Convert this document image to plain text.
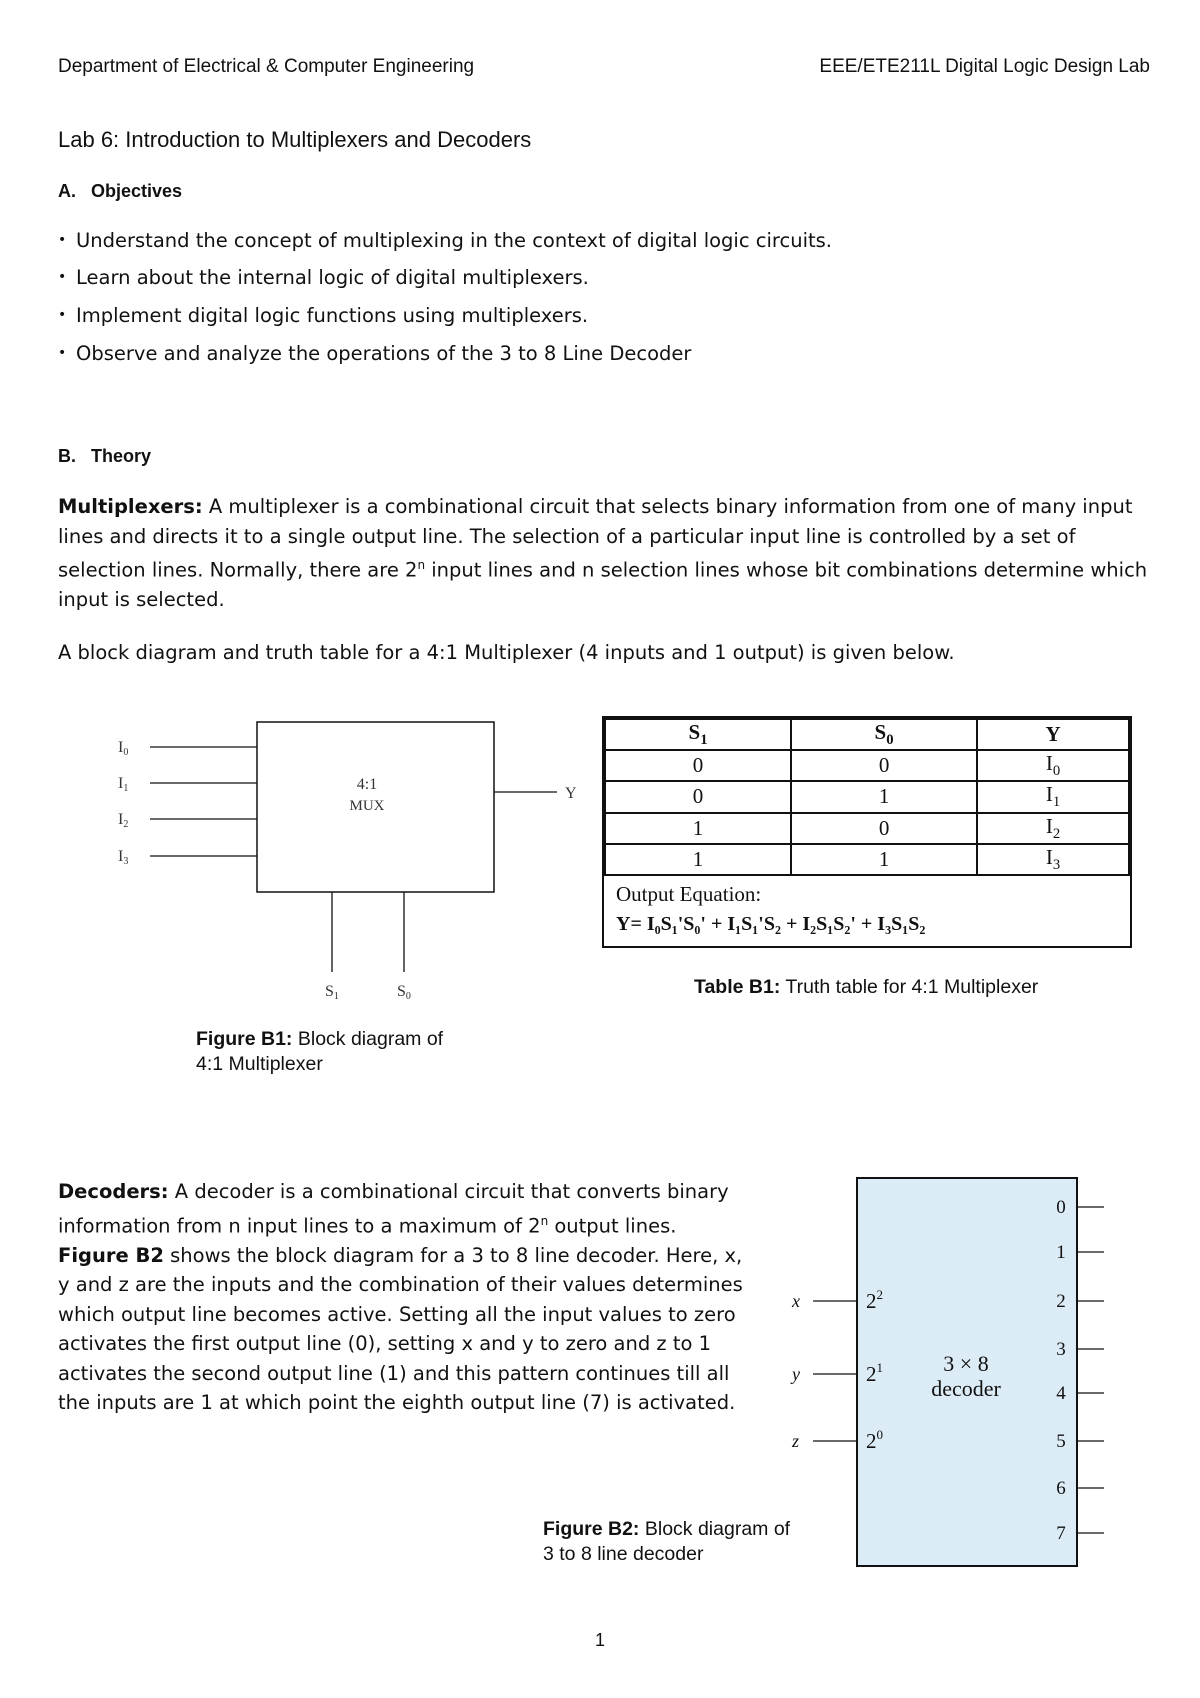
Department of Electrical & Computer Engineering	EEE/ETE211L Digital Logic Design Lab
Lab 6: Introduction to Multiplexers and Decoders
A. Objectives
• Understand the concept of multiplexing in the context of digital logic circuits.
• Learn about the internal logic of digital multiplexers.
• Implement digital logic functions using multiplexers.
• Observe and analyze the operations of the 3 to 8 Line Decoder
B. Theory
Multiplexers: A multiplexer is a combinational circuit that selects binary information from one of many input lines and directs it to a single output line. The selection of a particular input line is controlled by a set of selection lines. Normally, there are 2$^n$ input lines and n selection lines whose bit combinations determine which input is selected.
A block diagram and truth table for a 4:1 Multiplexer (4 inputs and 1 output) is given below.
I0
I1
I2
I3
4:1
MUX
Y
S1	S0
Figure B1: Block diagram of
4:1 Multiplexer
$S_1$	$S_0$	Y
0	0	$I_0$
0	1	$I_1$
1	0	$I_2$
1	1	$I_3$
Output Equation:
Y= I₀S₁'S₀' + I₁S₁'S₂ + I₂S₁S₂' + I₃S₁S₂
Table B1: Truth table for 4:1 Multiplexer
Decoders: A decoder is a combinational circuit that converts binary information from n input lines to a maximum of 2$^n$ output lines.
Figure B2 shows the block diagram for a 3 to 8 line decoder. Here, x, y and z are the inputs and the combination of their values determines which output line becomes active. Setting all the input values to zero activates the first output line (0), setting x and y to zero and z to 1 activates the second output line (1) and this pattern continues till all the inputs are 1 at which point the eighth output line (7) is activated.
x
y
z
$2^2$
$2^1$
$2^0$
3 × 8
decoder
0
1
2
3
4
5
6
7
Figure B2: Block diagram of
3 to 8 line decoder
1
